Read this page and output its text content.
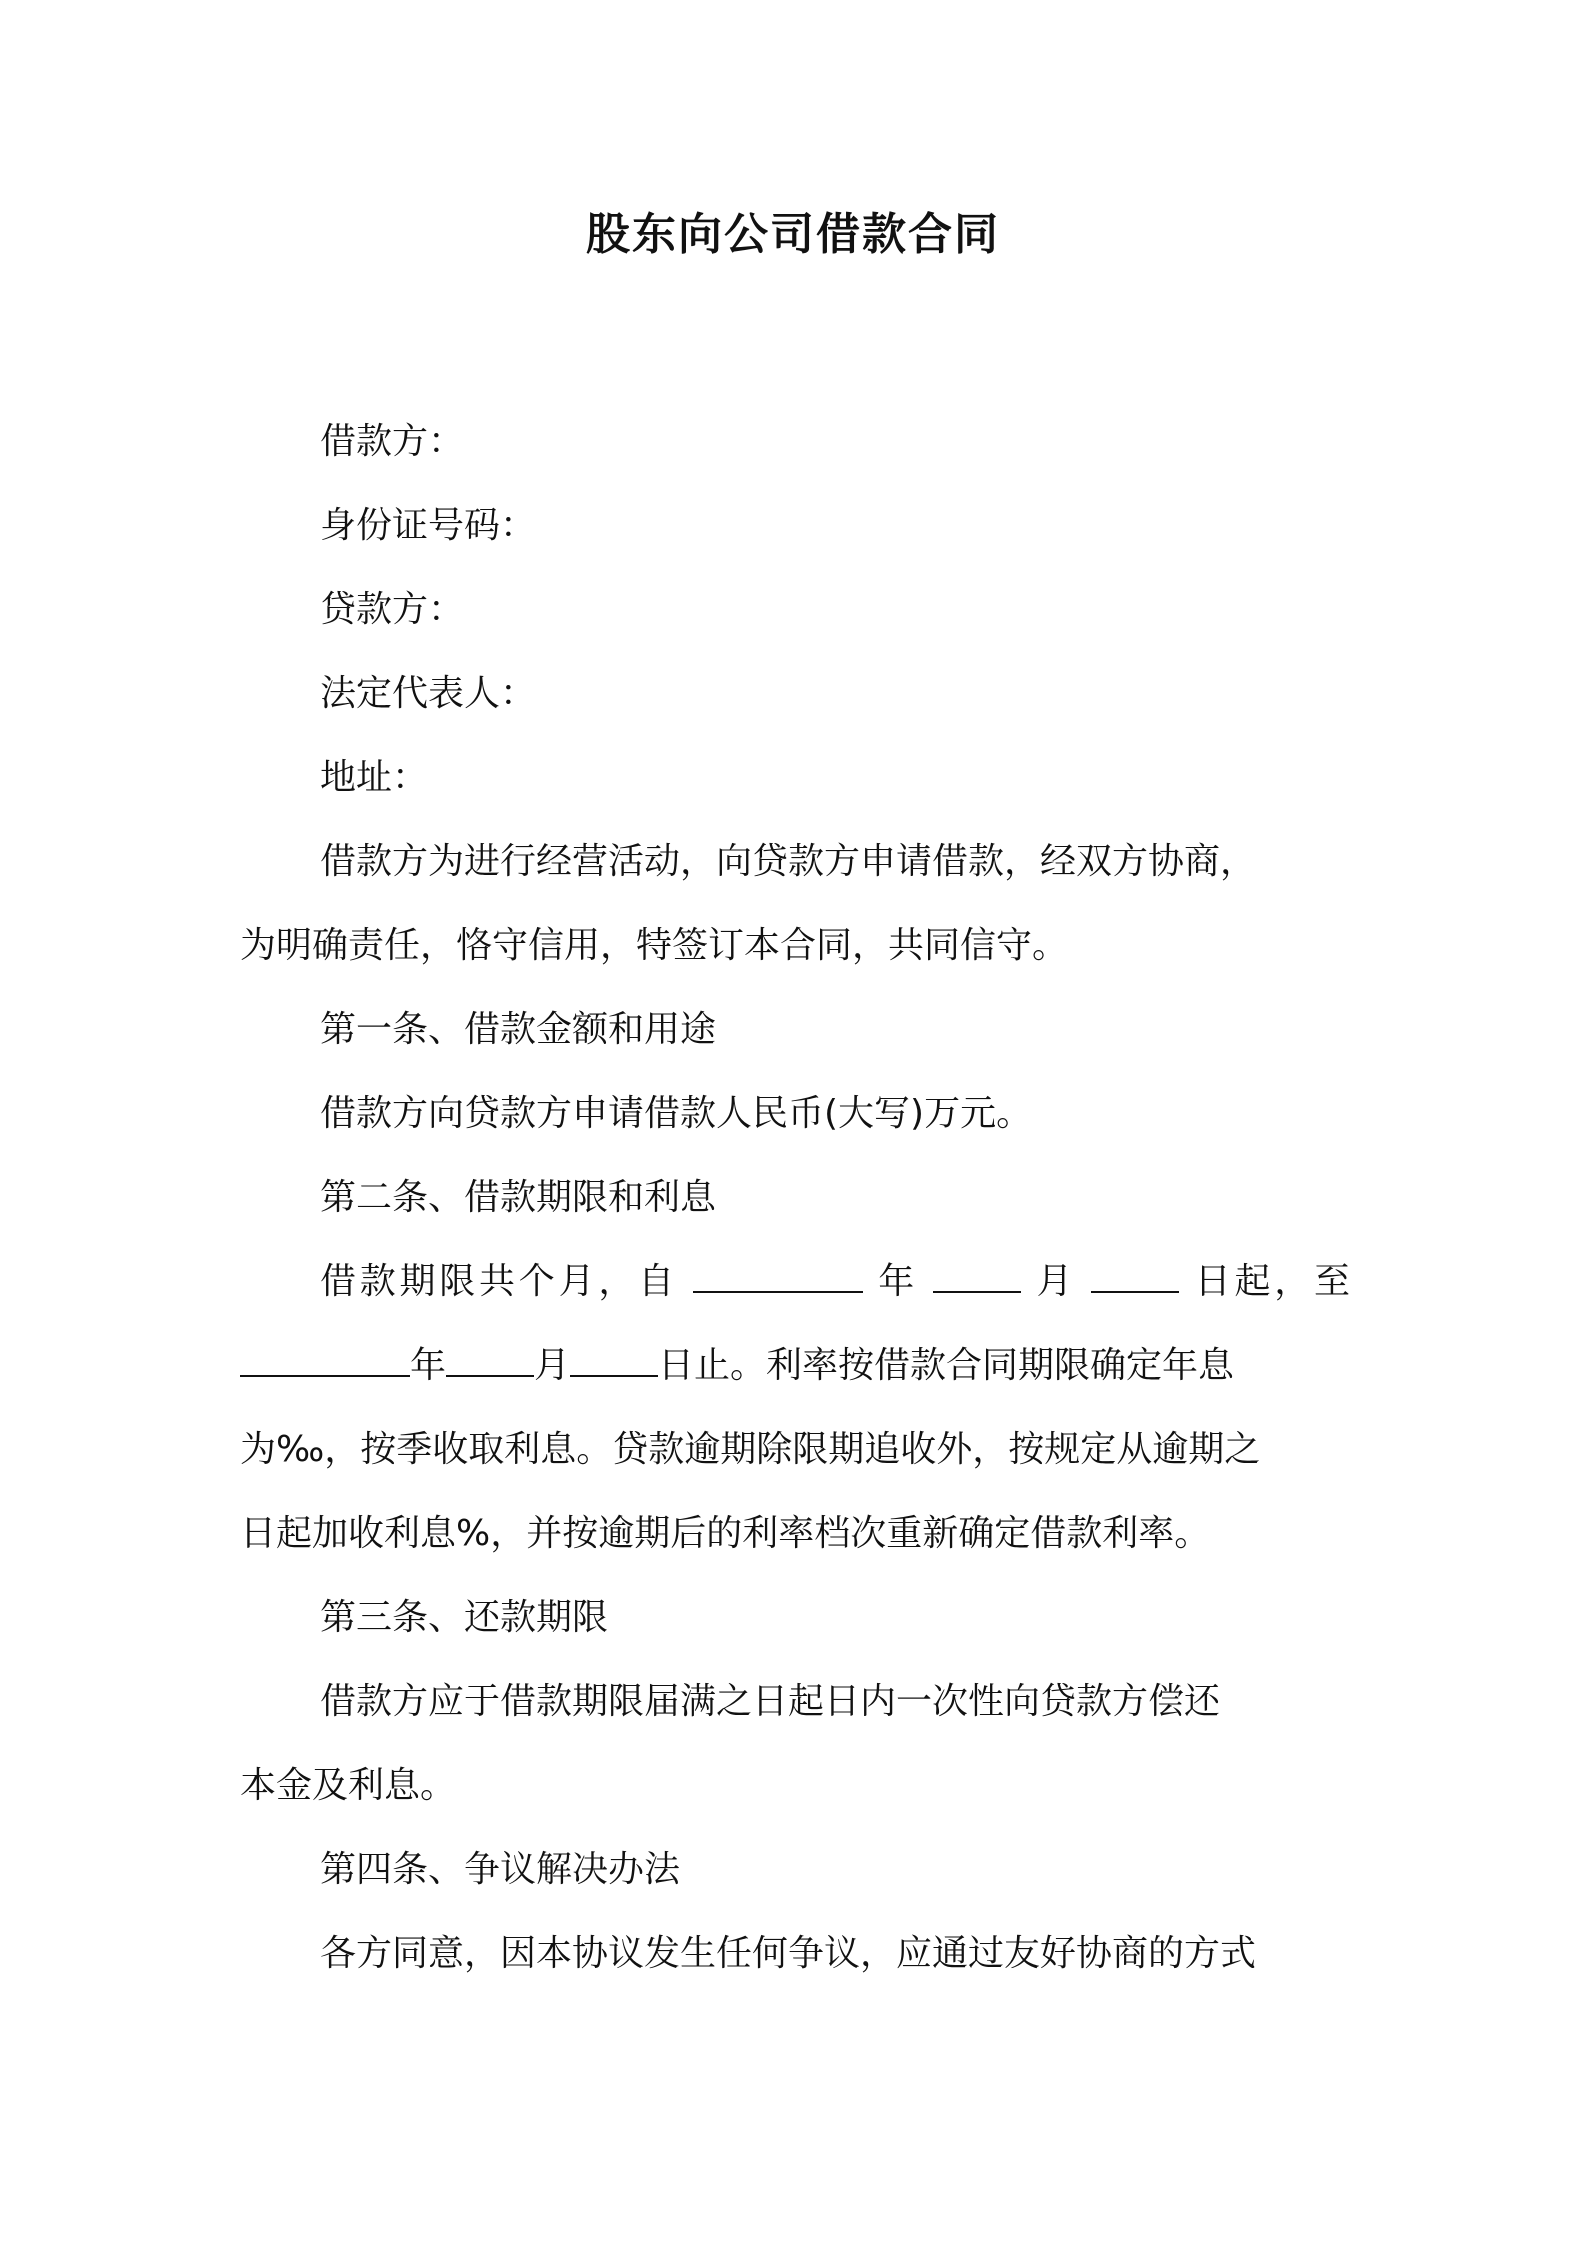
股东向公司借款合同
借款方：
身份证号码：
贷款方：
法定代表人：
地址：
借款方为进行经营活动，向贷款方申请借款，经双方协商，
为明确责任，恪守信用，特签订本合同，共同信守。
第一条、借款金额和用途
借款方向贷款方申请借款人民币(大写)万元。
第二条、借款期限和利息
借款期限共个月，自	年	月	日起，至
年 月 日止。利率按借款合同期限确定年息
为‰，按季收取利息。贷款逾期除限期追收外，按规定从逾期之
日起加收利息%，并按逾期后的利率档次重新确定借款利率。
第三条、还款期限
借款方应于借款期限届满之日起日内一次性向贷款方偿还
本金及利息。
第四条、争议解决办法
各方同意，因本协议发生任何争议，应通过友好协商的方式
